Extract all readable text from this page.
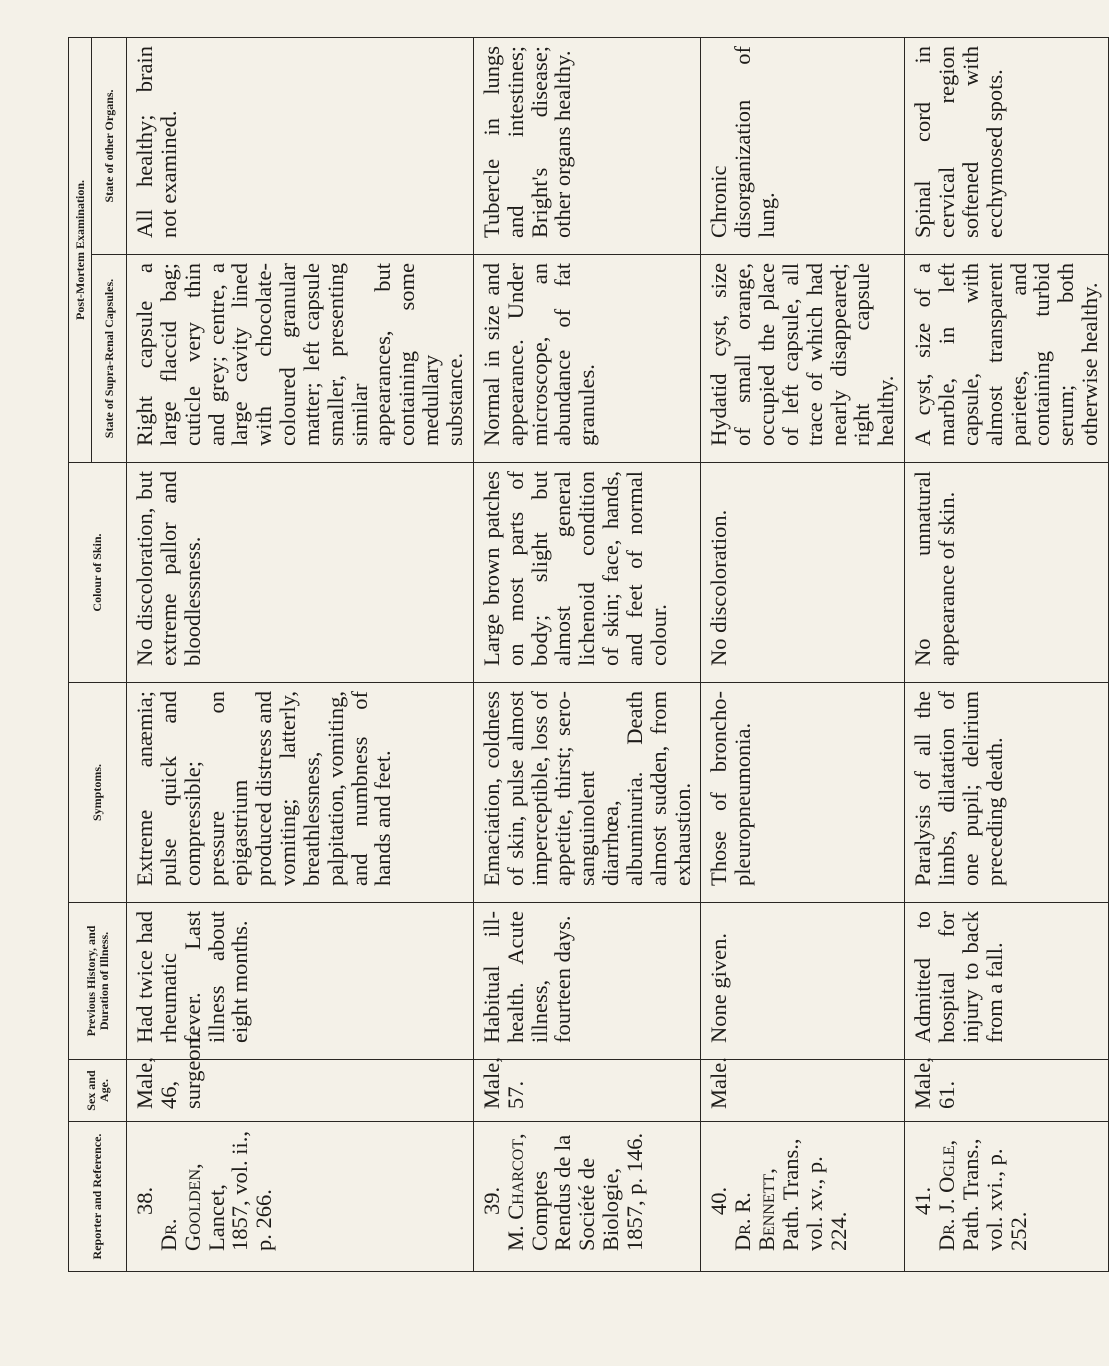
Reporter and Reference.	Sex and Age.	Previous History, and Duration of Illness.	Symptoms.	Colour of Skin.	Post-Mortem Examination.	
					State of Supra-Renal Capsules.	State of other Organs.

38.
Dr. Goolden, Lancet, 1857, vol. ii., p. 266.	Male, 46, surgeon.	Had twice had rheumatic fever. Last illness about eight months.	Extreme anæmia; pulse quick and compressible; pressure on epigastrium produced distress and vomiting; latterly, breathlessness, palpitation, vomiting, and numbness of hands and feet.	No discoloration, but extreme pallor and bloodlessness.	Right capsule a large flaccid bag; cuticle very thin and grey; centre, a large cavity lined with chocolate-coloured granular matter; left capsule smaller, presenting similar appearances, but containing some medullary substance.	All healthy; brain not examined.

39.
M. Charcot, Comptes Rendus de la Société de Biologie, 1857, p. 146.	Male, 57.	Habitual ill-health. Acute illness, fourteen days.	Emaciation, coldness of skin, pulse almost imperceptible, loss of appetite, thirst; sero-sanguinolent diarrhœa, albuminuria. Death almost sudden, from exhaustion.	Large brown patches on most parts of body; slight but almost general lichenoid condition of skin; face, hands, and feet of normal colour.	Normal in size and appearance. Under microscope, an abundance of fat granules.	Tubercle in lungs and intestines; Bright's disease; other organs healthy.

40.
Dr. R. Bennett, Path. Trans., vol. xv., p. 224.	Male.	None given.	Those of broncho-pleuropneumonia.	No discoloration.	Hydatid cyst, size of small orange, occupied the place of left capsule, all trace of which had nearly disappeared; right capsule healthy.	Chronic disorganization of lung.

41.
Dr. J. Ogle, Path. Trans., vol. xvi., p. 252.	Male, 61.	Admitted to hospital for injury to back from a fall.	Paralysis of all the limbs, dilatation of one pupil; delirium preceding death.	No unnatural appearance of skin.	A cyst, size of a marble, in left capsule, with almost transparent parietes, and containing turbid serum; both otherwise healthy.	Spinal cord in cervical region softened with ecchymosed spots.
